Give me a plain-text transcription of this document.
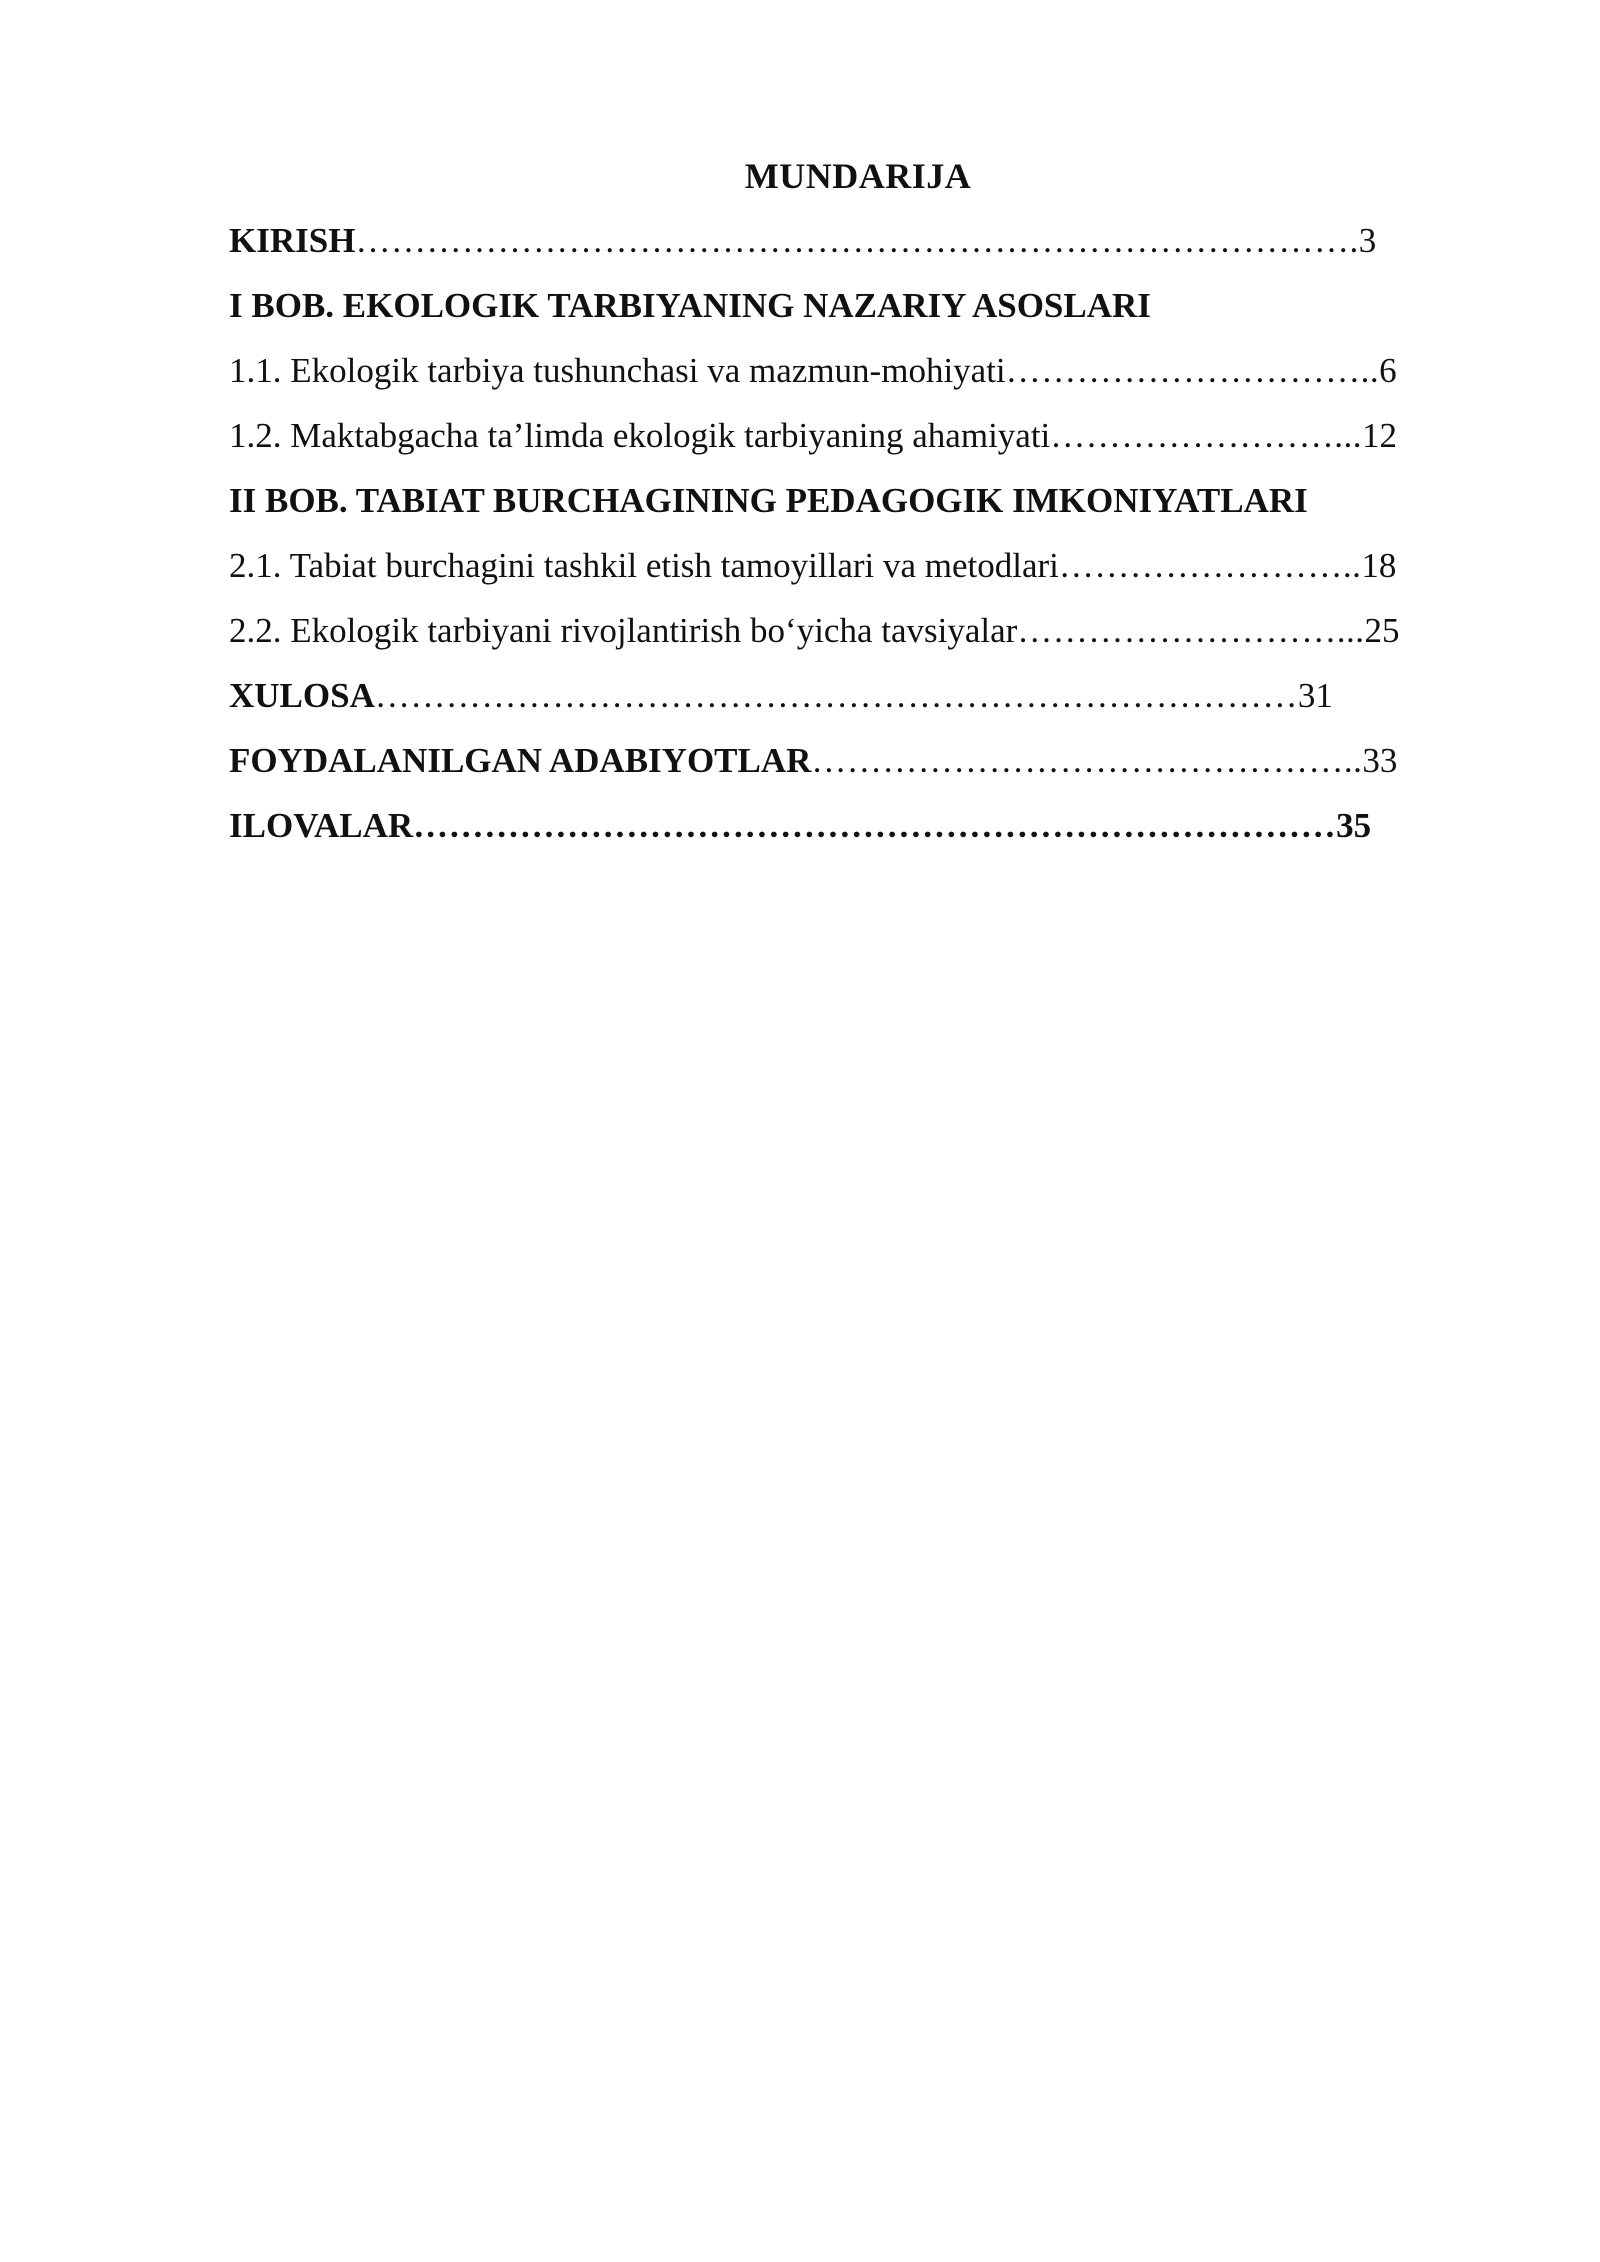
MUNDARIJA
KIRISH………………………………………………………………………….3
I BOB. EKOLOGIK TARBIYANING NAZARIY ASOSLARI
1.1. Ekologik tarbiya tushunchasi va mazmun-mohiyati…………………………..6
1.2. Maktabgacha ta’limda ekologik tarbiyaning ahamiyati……………………...12
II BOB. TABIAT BURCHAGINING PEDAGOGIK IMKONIYATLARI
2.1. Tabiat burchagini tashkil etish tamoyillari va metodlari……………………..18
2.2. Ekologik tarbiyani rivojlantirish bo‘yicha tavsiyalar………………………...25
XULOSA……………………………………………………………………31
FOYDALANILGAN ADABIYOTLAR………………………………………..33
ILOVALAR……………………………………………………………………35
